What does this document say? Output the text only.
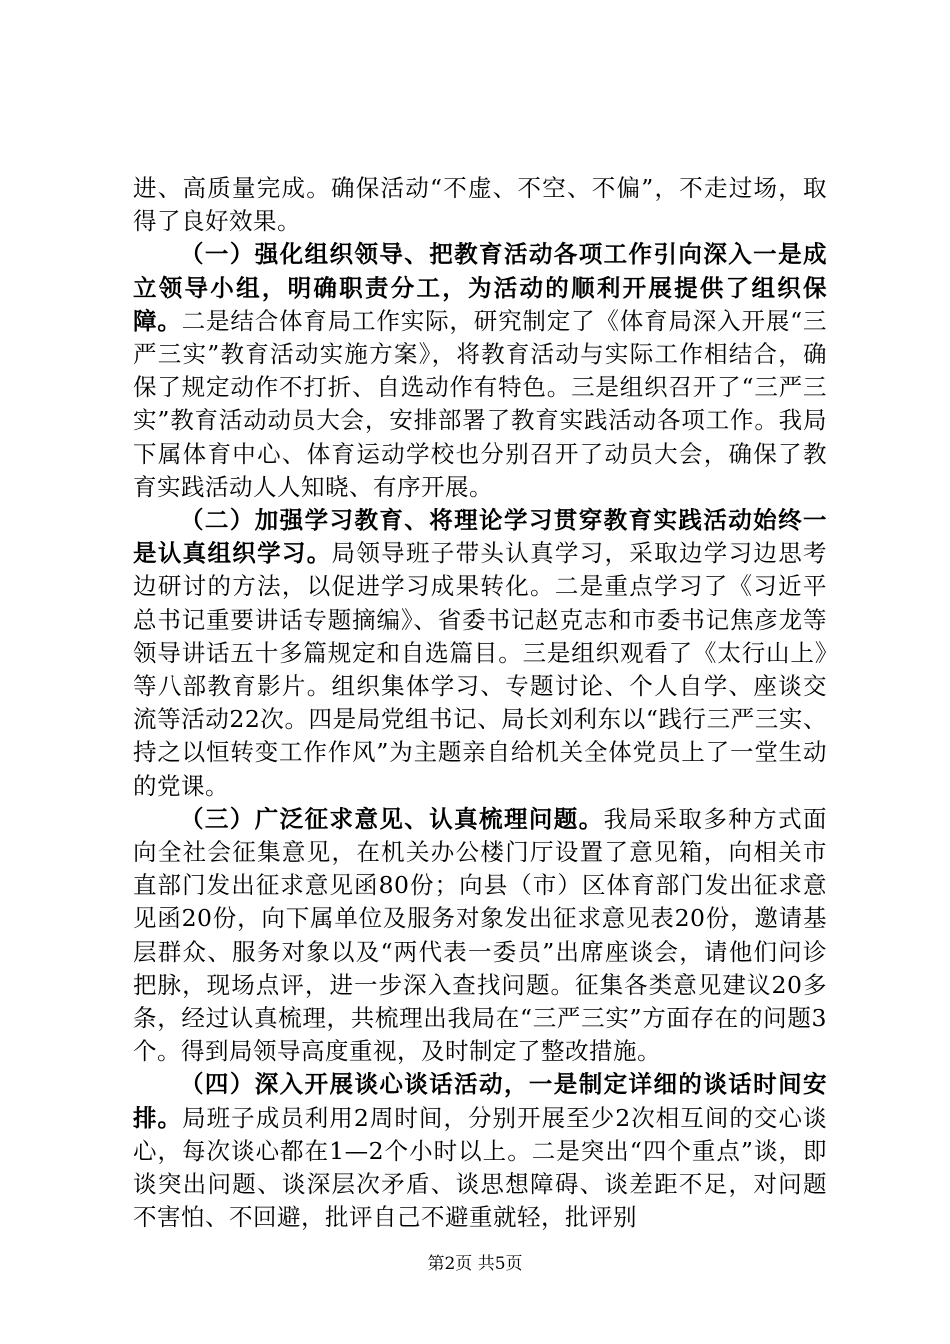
进、高质量完成。确保活动“不虚、不空、不偏”，不走过场，取得了良好效果。

（一）强化组织领导、把教育活动各项工作引向深入一是成立领导小组，明确职责分工，为活动的顺利开展提供了组织保障。二是结合体育局工作实际，研究制定了《体育局深入开展“三严三实”教育活动实施方案》，将教育活动与实际工作相结合，确保了规定动作不打折、自选动作有特色。三是组织召开了“三严三实”教育活动动员大会，安排部署了教育实践活动各项工作。我局下属体育中心、体育运动学校也分别召开了动员大会，确保了教育实践活动人人知晓、有序开展。

（二）加强学习教育、将理论学习贯穿教育实践活动始终一是认真组织学习。局领导班子带头认真学习，采取边学习边思考边研讨的方法，以促进学习成果转化。二是重点学习了《习近平总书记重要讲话专题摘编》、省委书记赵克志和市委书记焦彦龙等领导讲话五十多篇规定和自选篇目。三是组织观看了《太行山上》等八部教育影片。组织集体学习、专题讨论、个人自学、座谈交流等活动22次。四是局党组书记、局长刘利东以“践行三严三实、持之以恒转变工作作风”为主题亲自给机关全体党员上了一堂生动的党课。

（三）广泛征求意见、认真梳理问题。我局采取多种方式面向全社会征集意见，在机关办公楼门厅设置了意见箱，向相关市直部门发出征求意见函80份；向县（市）区体育部门发出征求意见函20份，向下属单位及服务对象发出征求意见表20份，邀请基层群众、服务对象以及“两代表一委员”出席座谈会，请他们问诊把脉，现场点评，进一步深入查找问题。征集各类意见建议20多条，经过认真梳理，共梳理出我局在“三严三实”方面存在的问题3个。得到局领导高度重视，及时制定了整改措施。

（四）深入开展谈心谈话活动，一是制定详细的谈话时间安排。局班子成员利用2周时间，分别开展至少2次相互间的交心谈心，每次谈心都在1—2个小时以上。二是突出“四个重点”谈，即谈突出问题、谈深层次矛盾、谈思想障碍、谈差距不足，对问题不害怕、不回避，批评自己不避重就轻，批评别

第2页 共5页
